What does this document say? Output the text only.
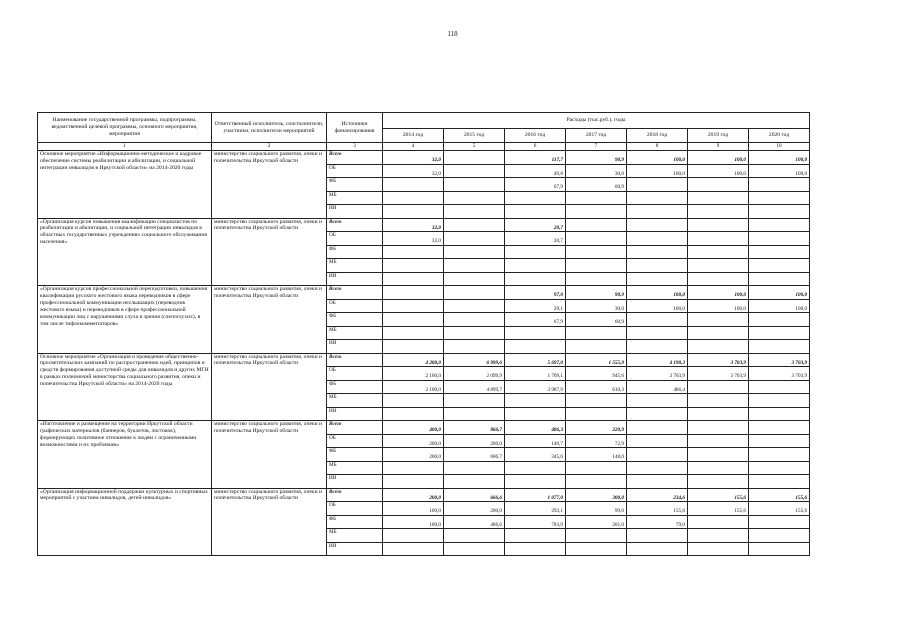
118
Наименование государственной программы, подпрограммы, ведомственной целевой программы, основного мероприятия, мероприятия	Ответственный исполнитель, соисполнители, участники, исполнители мероприятий	Источники финансирования	Расходы (тыс.руб.), годы						
			2014 год	2015 год	2016 год	2017 год	2018 год	2019 год	2020 год
1	2	3	4	5	6	7	8	9	10
Основное мероприятие «Информационно-методическое и кадровое обеспечение системы реабилитации и абилитации, и социальной интеграции инвалидов в Иркутской области» на 2014-2020 годы	министерство социального развития, опеки и попечительства Иркутской области	Всего	32,0		117,7	90,9	100,0	100,0	100,0
		ОБ	32,0		49,8	30,0	100,0	100,0	100,0
		ФБ			67,9	60,9			
		МБ							
		ИИ							
«Организация курсов повышения квалификации специалистов по реабилитации и абилитации, и социальной интеграции инвалидов в областных государственных учреждениях социального обслуживания населения»	министерство социального развития, опеки и попечительства Иркутской области	Всего	32,0		20,7				
		ОБ	32,0		20,7				
		ФБ							
		МБ							
		ИИ							
«Организация курсов профессиональной переподготовки, повышения квалификации русского жестового языка переводчиков в сфере профессиональной коммуникации неслышащих (переводчик жестового языка) и переводчиков в сфере профессиональной коммуникации лиц с нарушениями слуха и зрения (слепоглухих), в том числе тифлокомментаторов»	министерство социального развития, опеки и попечительства Иркутской области	Всего			97,0	90,9	100,0	100,0	100,0
		ОБ			29,1	30,0	100,0	100,0	100,0
		ФБ			67,9	60,9			
		МБ							
		ИИ							
Основное мероприятие «Организация и проведение общественно-просветительских кампаний по распространению идей, принципов и средств формирования доступной среды для инвалидов и других МГН в рамках полномочий министерства социального развития, опеки и попечительства Иркутской области» на 2014-2020 годы	министерство социального развития, опеки и попечительства Иркутской области	Всего	4 200,0	6 999,6	5 697,0	1 555,9	4 190,3	3 703,9	3 703,9
		ОБ	2 100,0	2 099,9	1 709,1	945,6	3 703,9	3 703,9	3 703,9
		ФБ	2 100,0	4 899,7	3 987,9	610,3	486,4		
		МБ							
		ИИ							
«Изготовление и размещение на территории Иркутской области графических материалов (баннеров, буклетов, листовок), формирующих позитивное отношение к людям с ограниченными возможностями и их проблемам»	министерство социального развития, опеки и попечительства Иркутской области	Всего	400,0	866,7	486,3	220,9			
		ОБ	200,0	260,0	140,7	72,9			
		ФБ	200,0	606,7	345,6	148,0			
		МБ							
		ИИ							
«Организация информационной поддержки культурных и спортивных мероприятий с участием инвалидов, детей-инвалидов»	министерство социального развития, опеки и попечительства Иркутской области	Всего	200,0	666,6	1 077,0	300,0	234,6	155,6	155,6
		ОБ	100,0	200,0	293,1	99,0	155,6	155,6	155,6
		ФБ	100,0	466,6	783,9	201,0	79,0		
		МБ							
		ИИ							
